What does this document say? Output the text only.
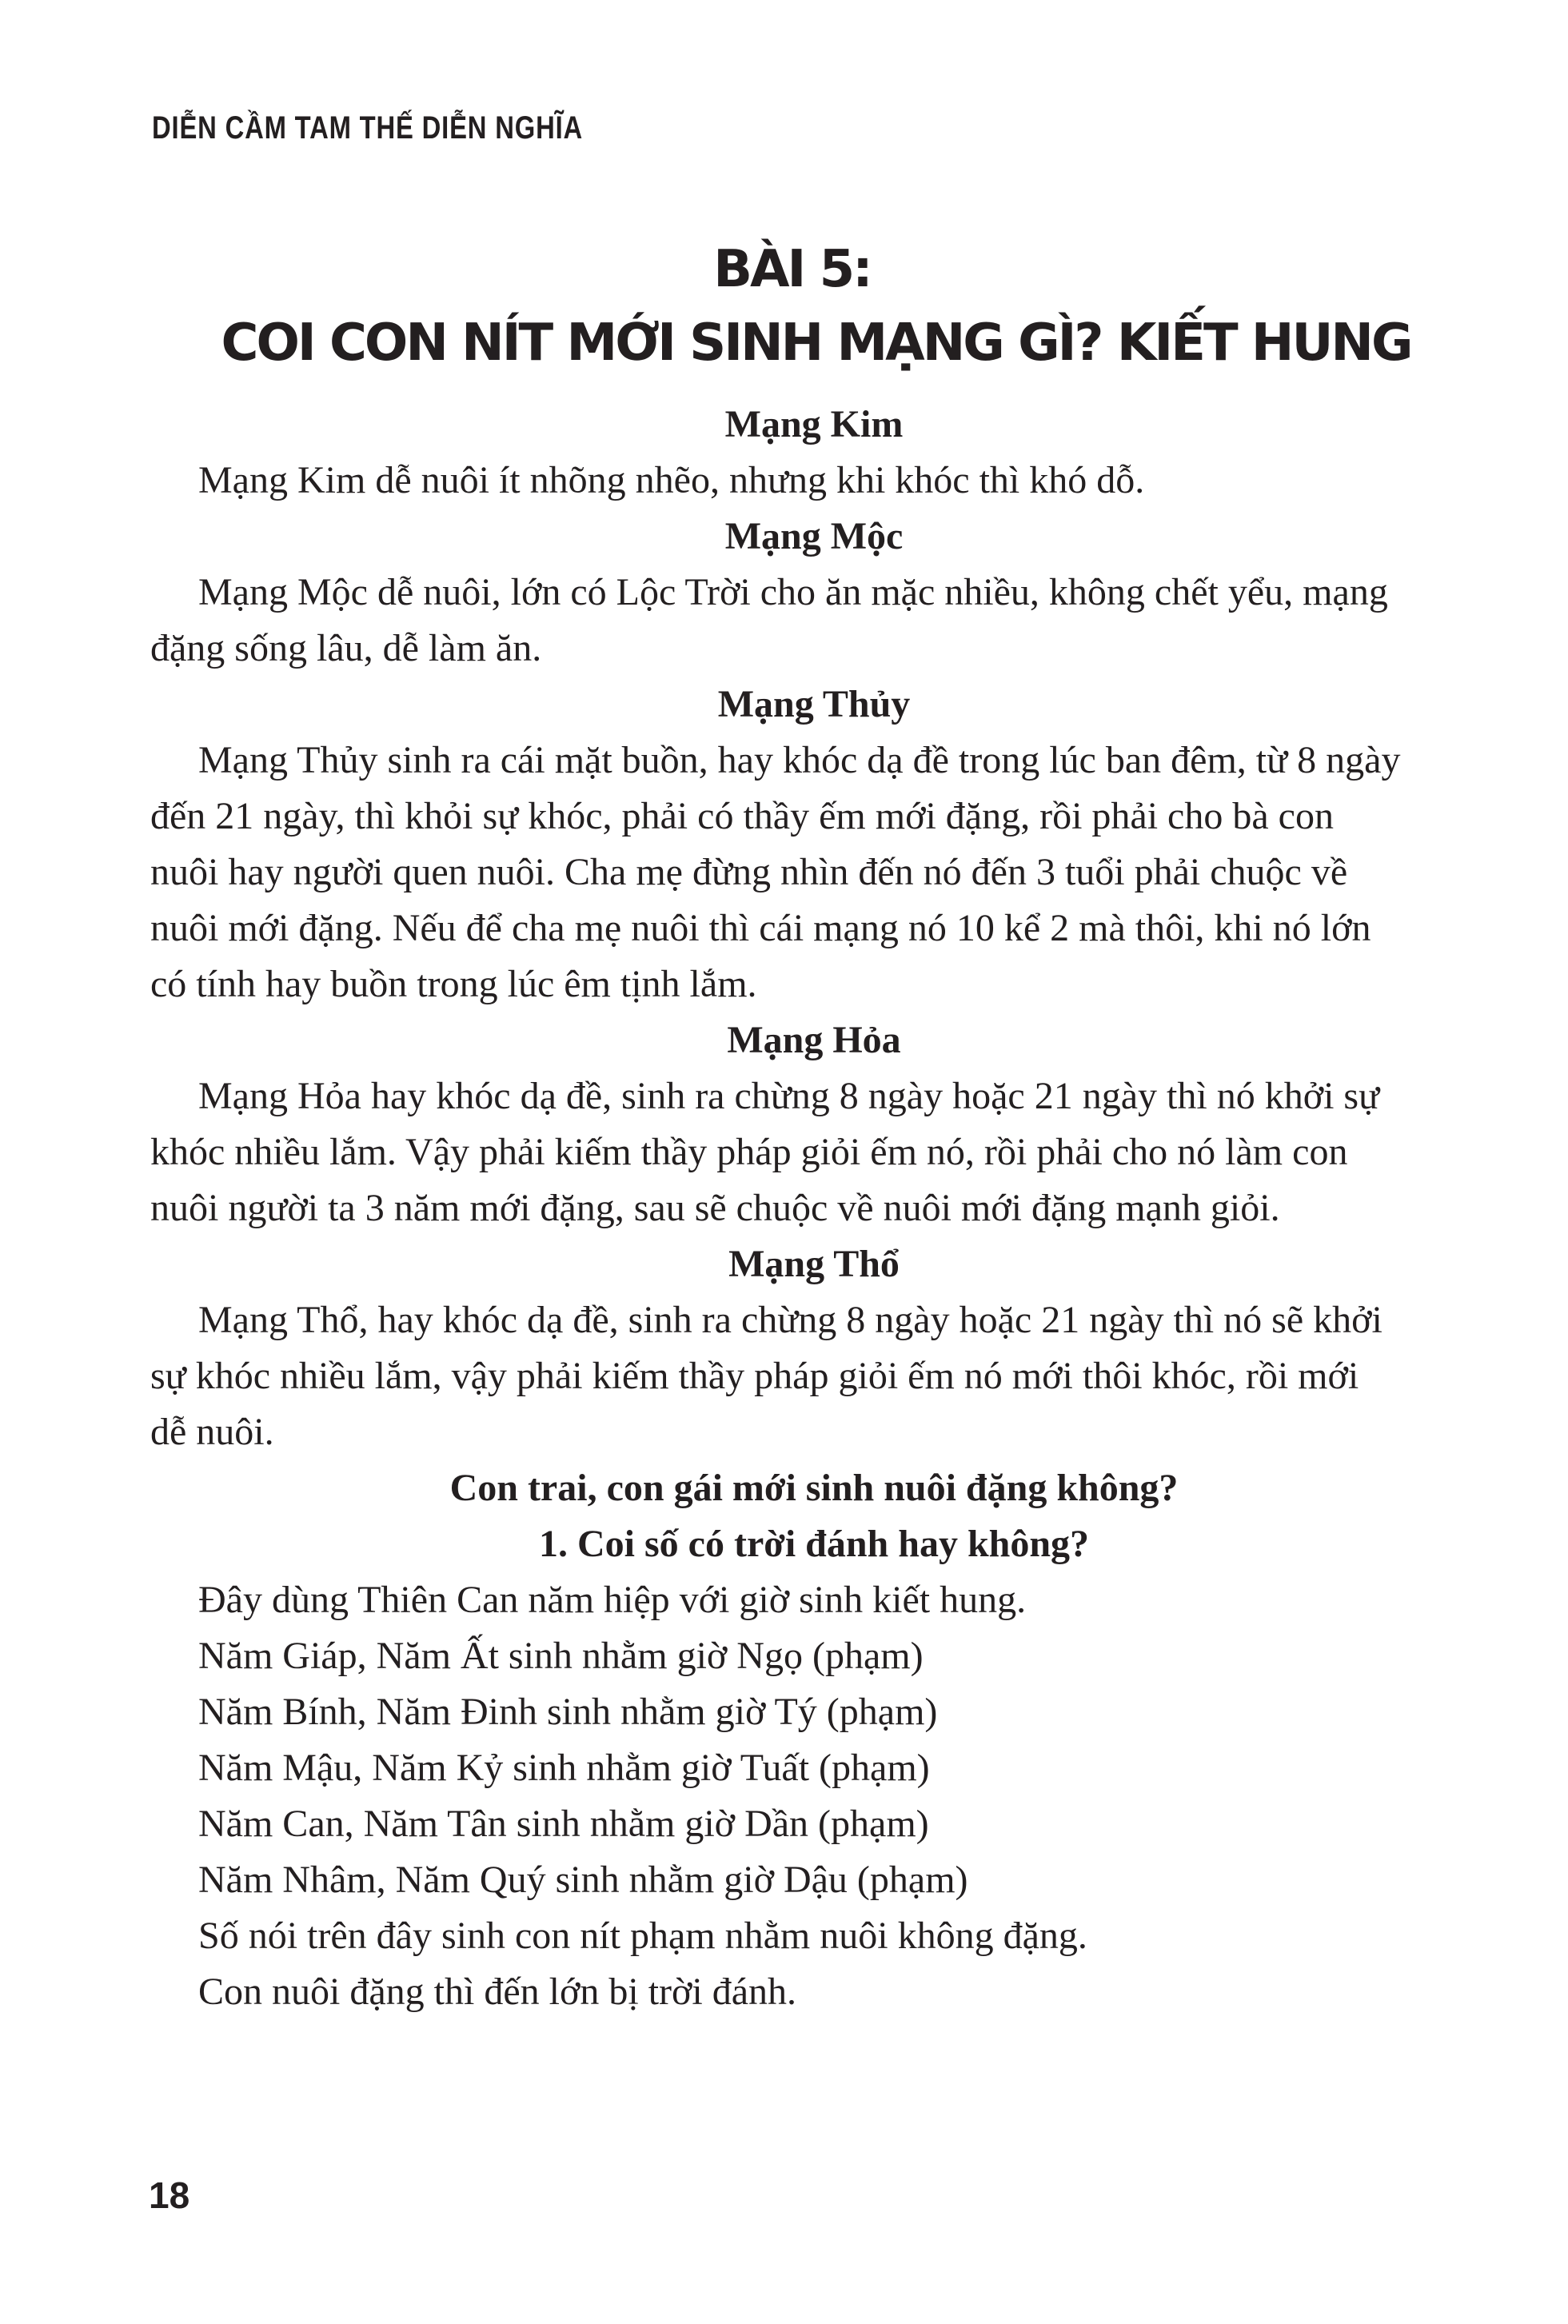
DIỄN CẦM TAM THẾ DIỄN NGHĨA
BÀI 5:
COI CON NÍT MỚI SINH MẠNG GÌ? KIẾT HUNG

Mạng Kim

Mạng Kim dễ nuôi ít nhõng nhẽo, nhưng khi khóc thì khó dỗ.

Mạng Mộc

Mạng Mộc dễ nuôi, lớn có Lộc Trời cho ăn mặc nhiều, không chết yểu, mạng

đặng sống lâu, dễ làm ăn.

Mạng Thủy

Mạng Thủy sinh ra cái mặt buồn, hay khóc dạ đề trong lúc ban đêm, từ 8 ngày

đến 21 ngày, thì khỏi sự khóc, phải có thầy ếm mới đặng, rồi phải cho bà con

nuôi hay người quen nuôi. Cha mẹ đừng nhìn đến nó đến 3 tuổi phải chuộc về

nuôi mới đặng. Nếu để cha mẹ nuôi thì cái mạng nó 10 kể 2 mà thôi, khi nó lớn

có tính hay buồn trong lúc êm tịnh lắm.

Mạng Hỏa

Mạng Hỏa hay khóc dạ đề, sinh ra chừng 8 ngày hoặc 21 ngày thì nó khởi sự

khóc nhiều lắm. Vậy phải kiếm thầy pháp giỏi ếm nó, rồi phải cho nó làm con

nuôi người ta 3 năm mới đặng, sau sẽ chuộc về nuôi mới đặng mạnh giỏi.

Mạng Thổ

Mạng Thổ, hay khóc dạ đề, sinh ra chừng 8 ngày hoặc 21 ngày thì nó sẽ khởi

sự khóc nhiều lắm, vậy phải kiếm thầy pháp giỏi ếm nó mới thôi khóc, rồi mới

dễ nuôi.

Con trai, con gái mới sinh nuôi đặng không?

1. Coi số có trời đánh hay không?

Đây dùng Thiên Can năm hiệp với giờ sinh kiết hung.

Năm Giáp, Năm Ất sinh nhằm giờ Ngọ (phạm)

Năm Bính, Năm Đinh sinh nhằm giờ Tý (phạm)

Năm Mậu, Năm Kỷ sinh nhằm giờ Tuất (phạm)

Năm Can, Năm Tân sinh nhằm giờ Dần (phạm)

Năm Nhâm, Năm Quý sinh nhằm giờ Dậu (phạm)

Số nói trên đây sinh con nít phạm nhằm nuôi không đặng.

Con nuôi đặng thì đến lớn bị trời đánh.

18
